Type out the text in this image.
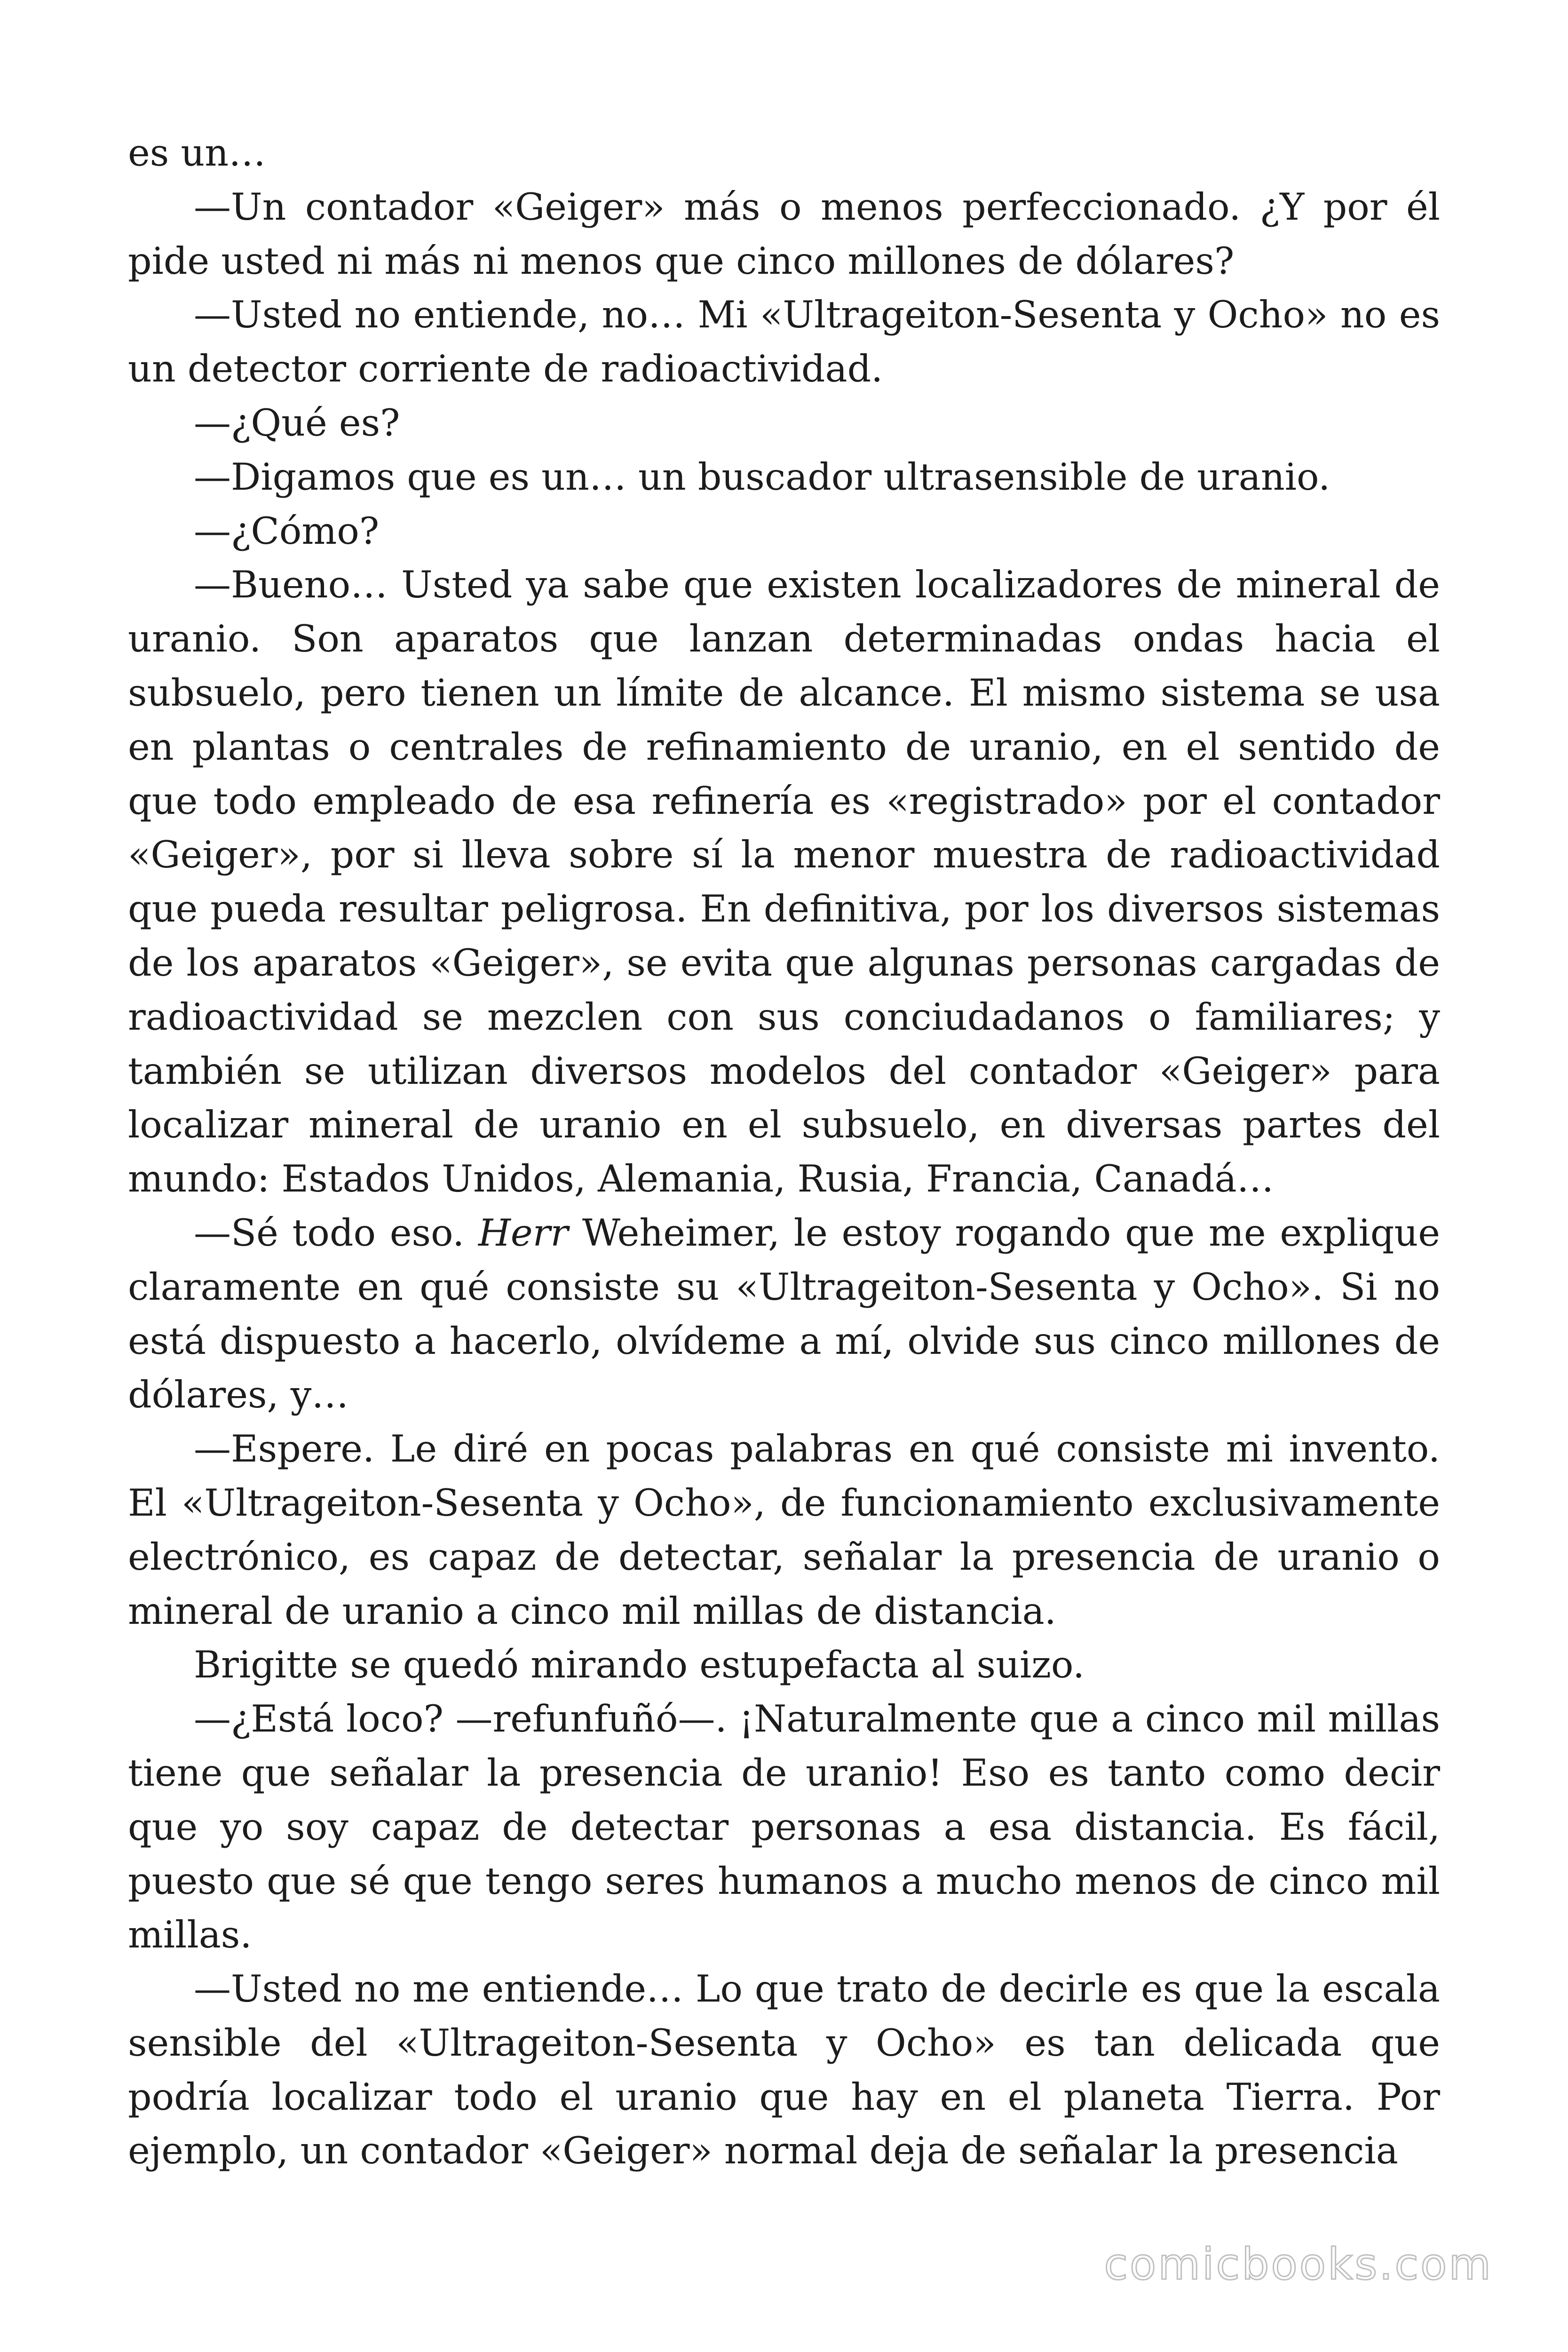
es un…

—Un contador «Geiger» más o menos perfeccionado. ¿Y por él pide usted ni más ni menos que cinco millones de dólares?

—Usted no entiende, no… Mi «Ultrageiton-Sesenta y Ocho» no es un detector corriente de radioactividad.

—¿Qué es?

—Digamos que es un… un buscador ultrasensible de uranio.

—¿Cómo?

—Bueno… Usted ya sabe que existen localizadores de mineral de uranio. Son aparatos que lanzan determinadas ondas hacia el subsuelo, pero tienen un límite de alcance. El mismo sistema se usa en plantas o centrales de refinamiento de uranio, en el sentido de que todo empleado de esa refinería es «registrado» por el contador «Geiger», por si lleva sobre sí la menor muestra de radioactividad que pueda resultar peligrosa. En definitiva, por los diversos sistemas de los aparatos «Geiger», se evita que algunas personas cargadas de radioactividad se mezclen con sus conciudadanos o familiares; y también se utilizan diversos modelos del contador «Geiger» para localizar mineral de uranio en el subsuelo, en diversas partes del mundo: Estados Unidos, Alemania, Rusia, Francia, Canadá…

—Sé todo eso. Herr Weheimer, le estoy rogando que me explique claramente en qué consiste su «Ultrageiton-Sesenta y Ocho». Si no está dispuesto a hacerlo, olvídeme a mí, olvide sus cinco millones de dólares, y…

—Espere. Le diré en pocas palabras en qué consiste mi invento. El «Ultrageiton-Sesenta y Ocho», de funcionamiento exclusivamente electrónico, es capaz de detectar, señalar la presencia de uranio o mineral de uranio a cinco mil millas de distancia.

Brigitte se quedó mirando estupefacta al suizo.

—¿Está loco? —refunfuñó—. ¡Naturalmente que a cinco mil millas tiene que señalar la presencia de uranio! Eso es tanto como decir que yo soy capaz de detectar personas a esa distancia. Es fácil, puesto que sé que tengo seres humanos a mucho menos de cinco mil millas.

—Usted no me entiende… Lo que trato de decirle es que la escala sensible del «Ultrageiton-Sesenta y Ocho» es tan delicada que podría localizar todo el uranio que hay en el planeta Tierra. Por ejemplo, un contador «Geiger» normal deja de señalar la presencia

comicbooks.com
